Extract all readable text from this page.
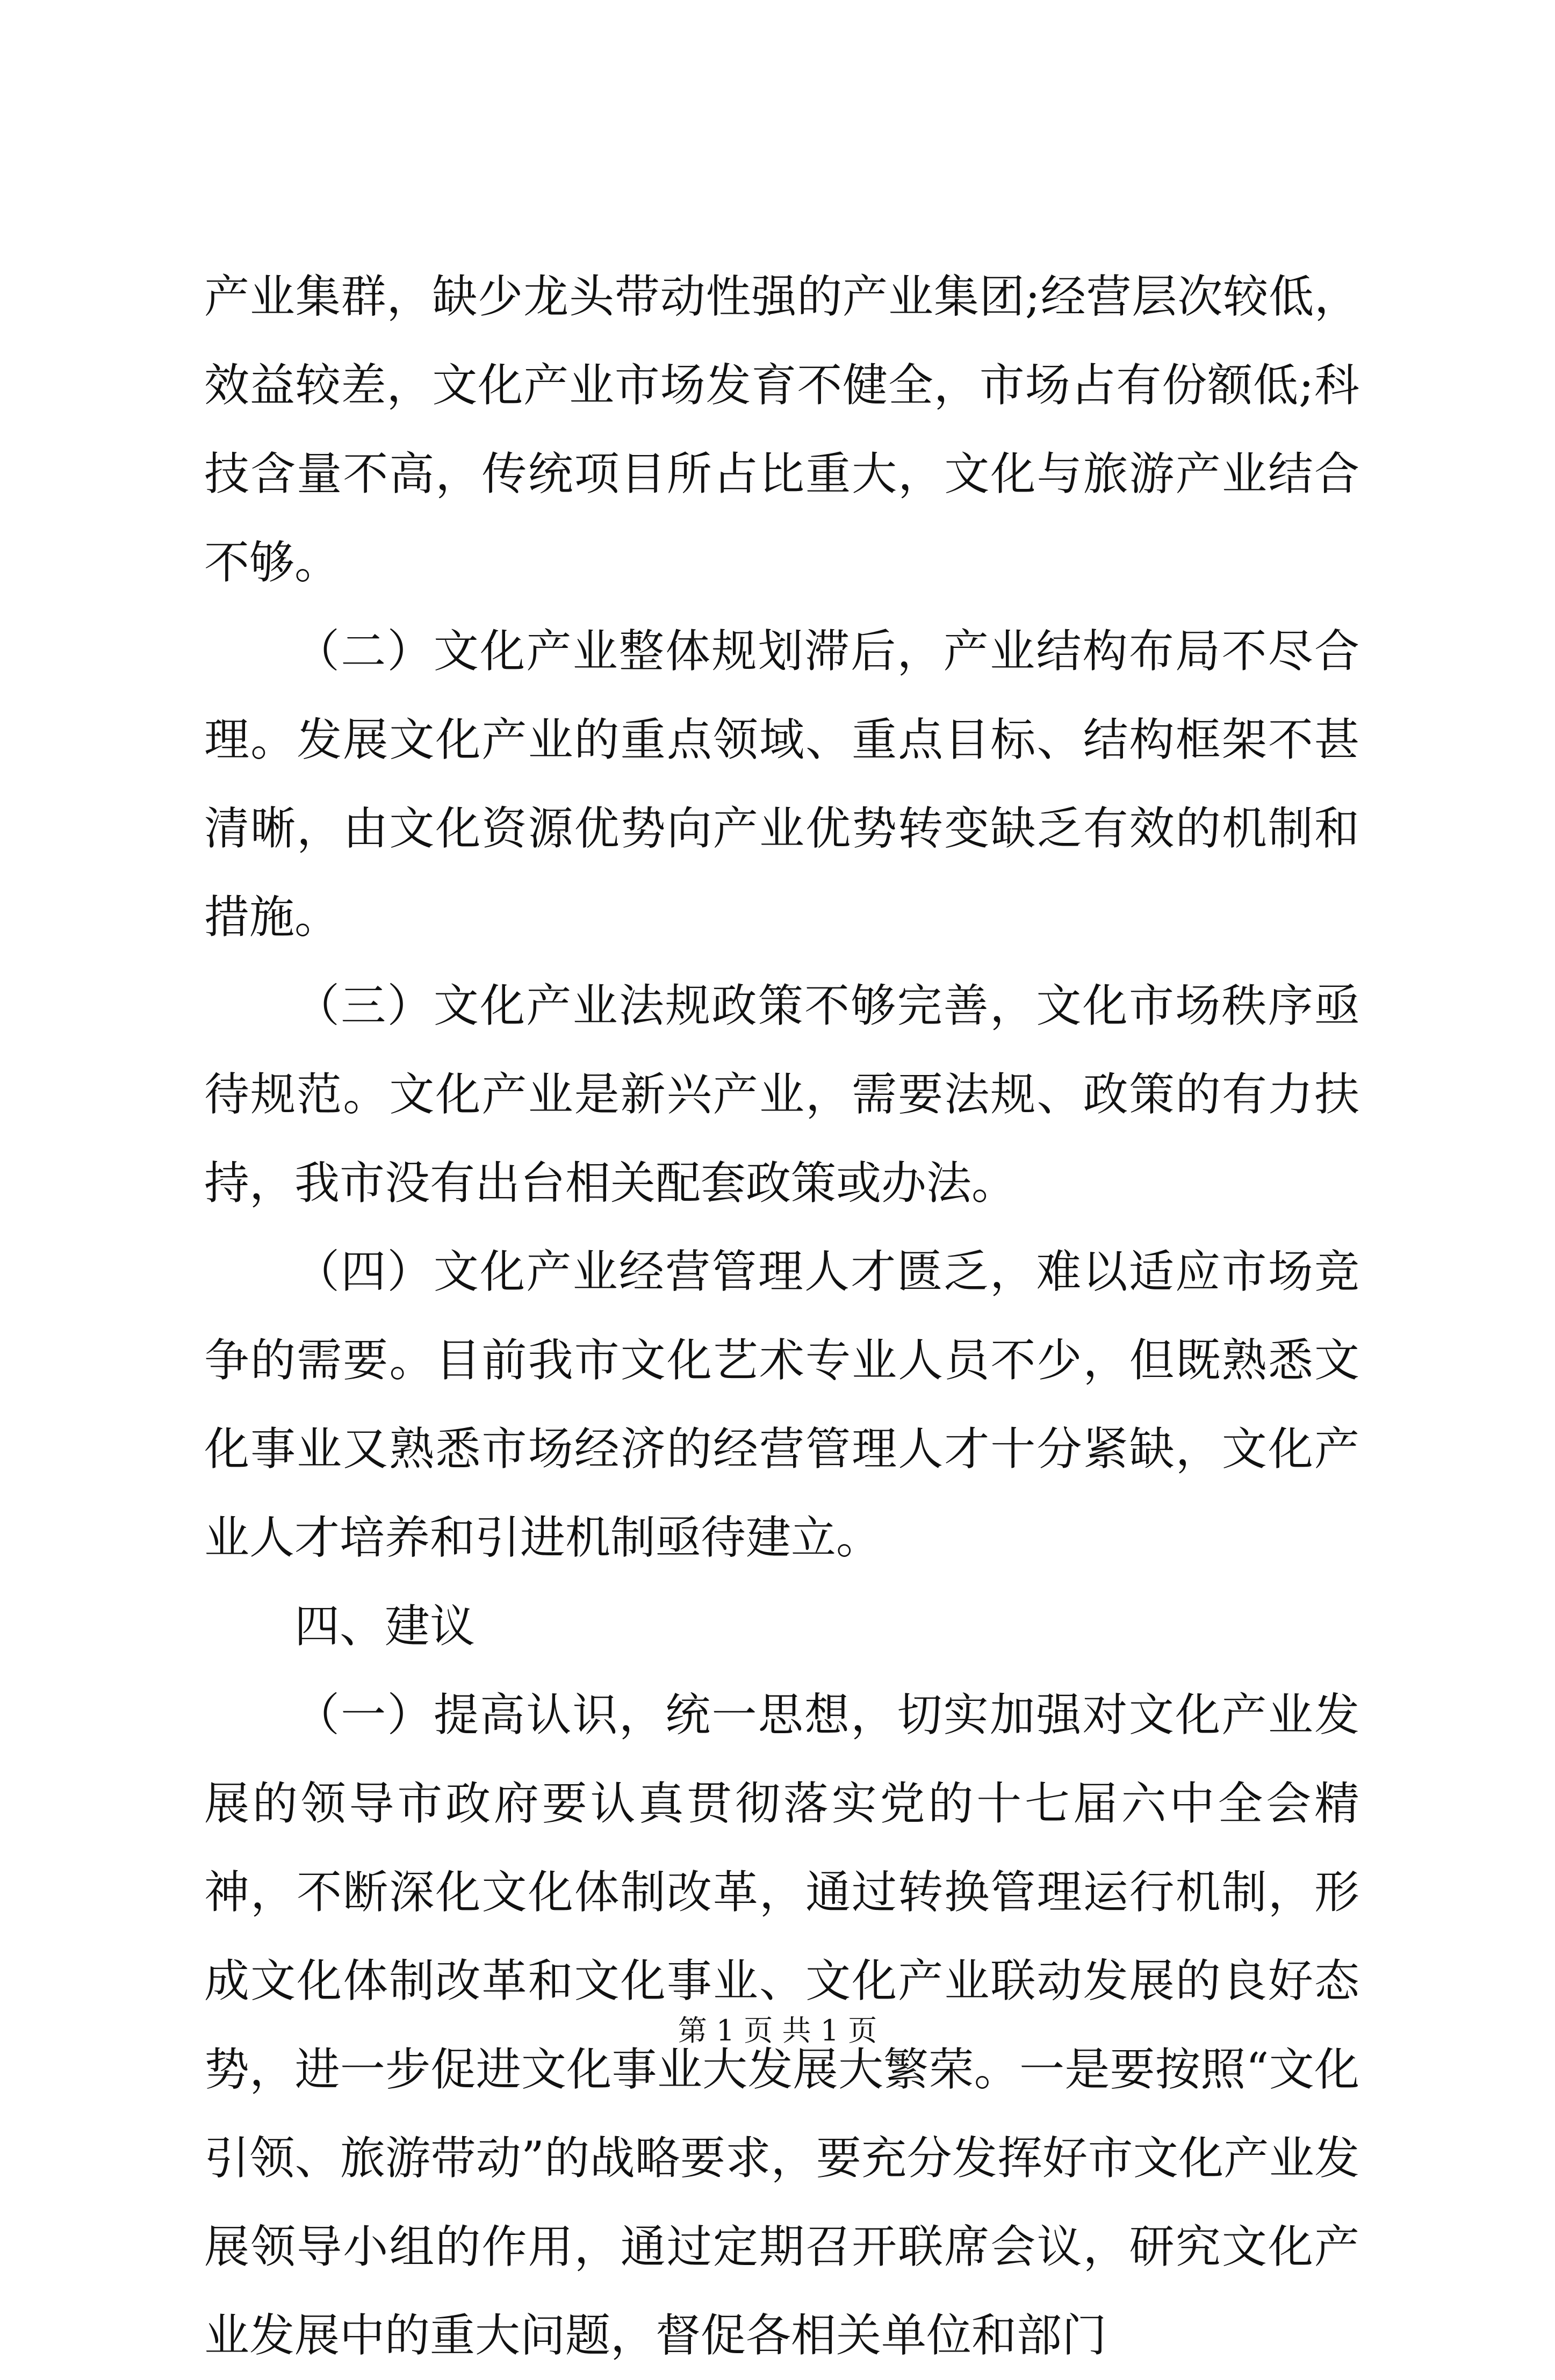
产业集群，缺少龙头带动性强的产业集团;经营层次较低，效益较差，文化产业市场发育不健全，市场占有份额低;科技含量不高，传统项目所占比重大，文化与旅游产业结合不够。

（二）文化产业整体规划滞后，产业结构布局不尽合理。发展文化产业的重点领域、重点目标、结构框架不甚清晰，由文化资源优势向产业优势转变缺乏有效的机制和措施。

（三）文化产业法规政策不够完善，文化市场秩序亟待规范。文化产业是新兴产业，需要法规、政策的有力扶持，我市没有出台相关配套政策或办法。

（四）文化产业经营管理人才匮乏，难以适应市场竞争的需要。目前我市文化艺术专业人员不少，但既熟悉文化事业又熟悉市场经济的经营管理人才十分紧缺，文化产业人才培养和引进机制亟待建立。

四、建议

（一）提高认识，统一思想，切实加强对文化产业发展的领导市政府要认真贯彻落实党的十七届六中全会精神，不断深化文化体制改革，通过转换管理运行机制，形成文化体制改革和文化事业、文化产业联动发展的良好态势，进一步促进文化事业大发展大繁荣。一是要按照“文化引领、旅游带动”的战略要求，要充分发挥好市文化产业发展领导小组的作用，通过定期召开联席会议，研究文化产业发展中的重大问题，督促各相关单位和部门

第 1 页 共 1 页
